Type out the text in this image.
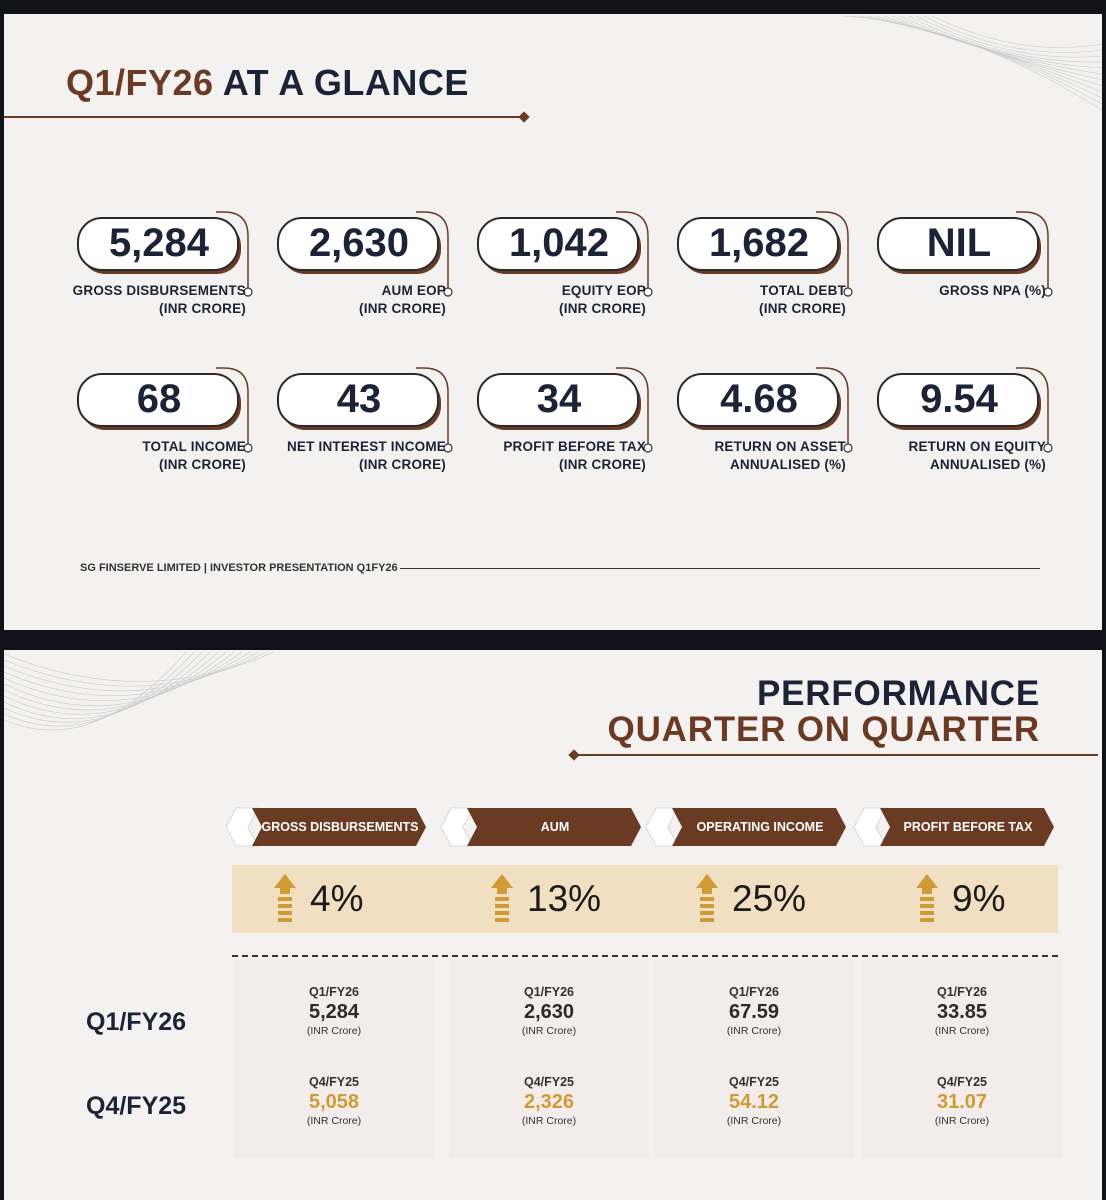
Q1/FY26 AT A GLANCE
5,284
GROSS DISBURSEMENTS
(INR CRORE)
2,630
AUM EOP
(INR CRORE)
1,042
EQUITY EOP
(INR CRORE)
1,682
TOTAL DEBT
(INR CRORE)
NIL
GROSS NPA (%)
68
TOTAL INCOME
(INR CRORE)
43
NET INTEREST INCOME
(INR CRORE)
34
PROFIT BEFORE TAX
(INR CRORE)
4.68
RETURN ON ASSET
ANNUALISED (%)
9.54
RETURN ON EQUITY
ANNUALISED (%)
SG FINSERVE LIMITED | INVESTOR PRESENTATION Q1FY26
PERFORMANCE
QUARTER ON QUARTER
GROSS DISBURSEMENTS
4%
Q1/FY26
5,284
(INR Crore)
Q4/FY25
5,058
(INR Crore)
AUM
13%
Q1/FY26
2,630
(INR Crore)
Q4/FY25
2,326
(INR Crore)
OPERATING INCOME
25%
Q1/FY26
67.59
(INR Crore)
Q4/FY25
54.12
(INR Crore)
PROFIT BEFORE TAX
9%
Q1/FY26
33.85
(INR Crore)
Q4/FY25
31.07
(INR Crore)
Q1/FY26
Q4/FY25
